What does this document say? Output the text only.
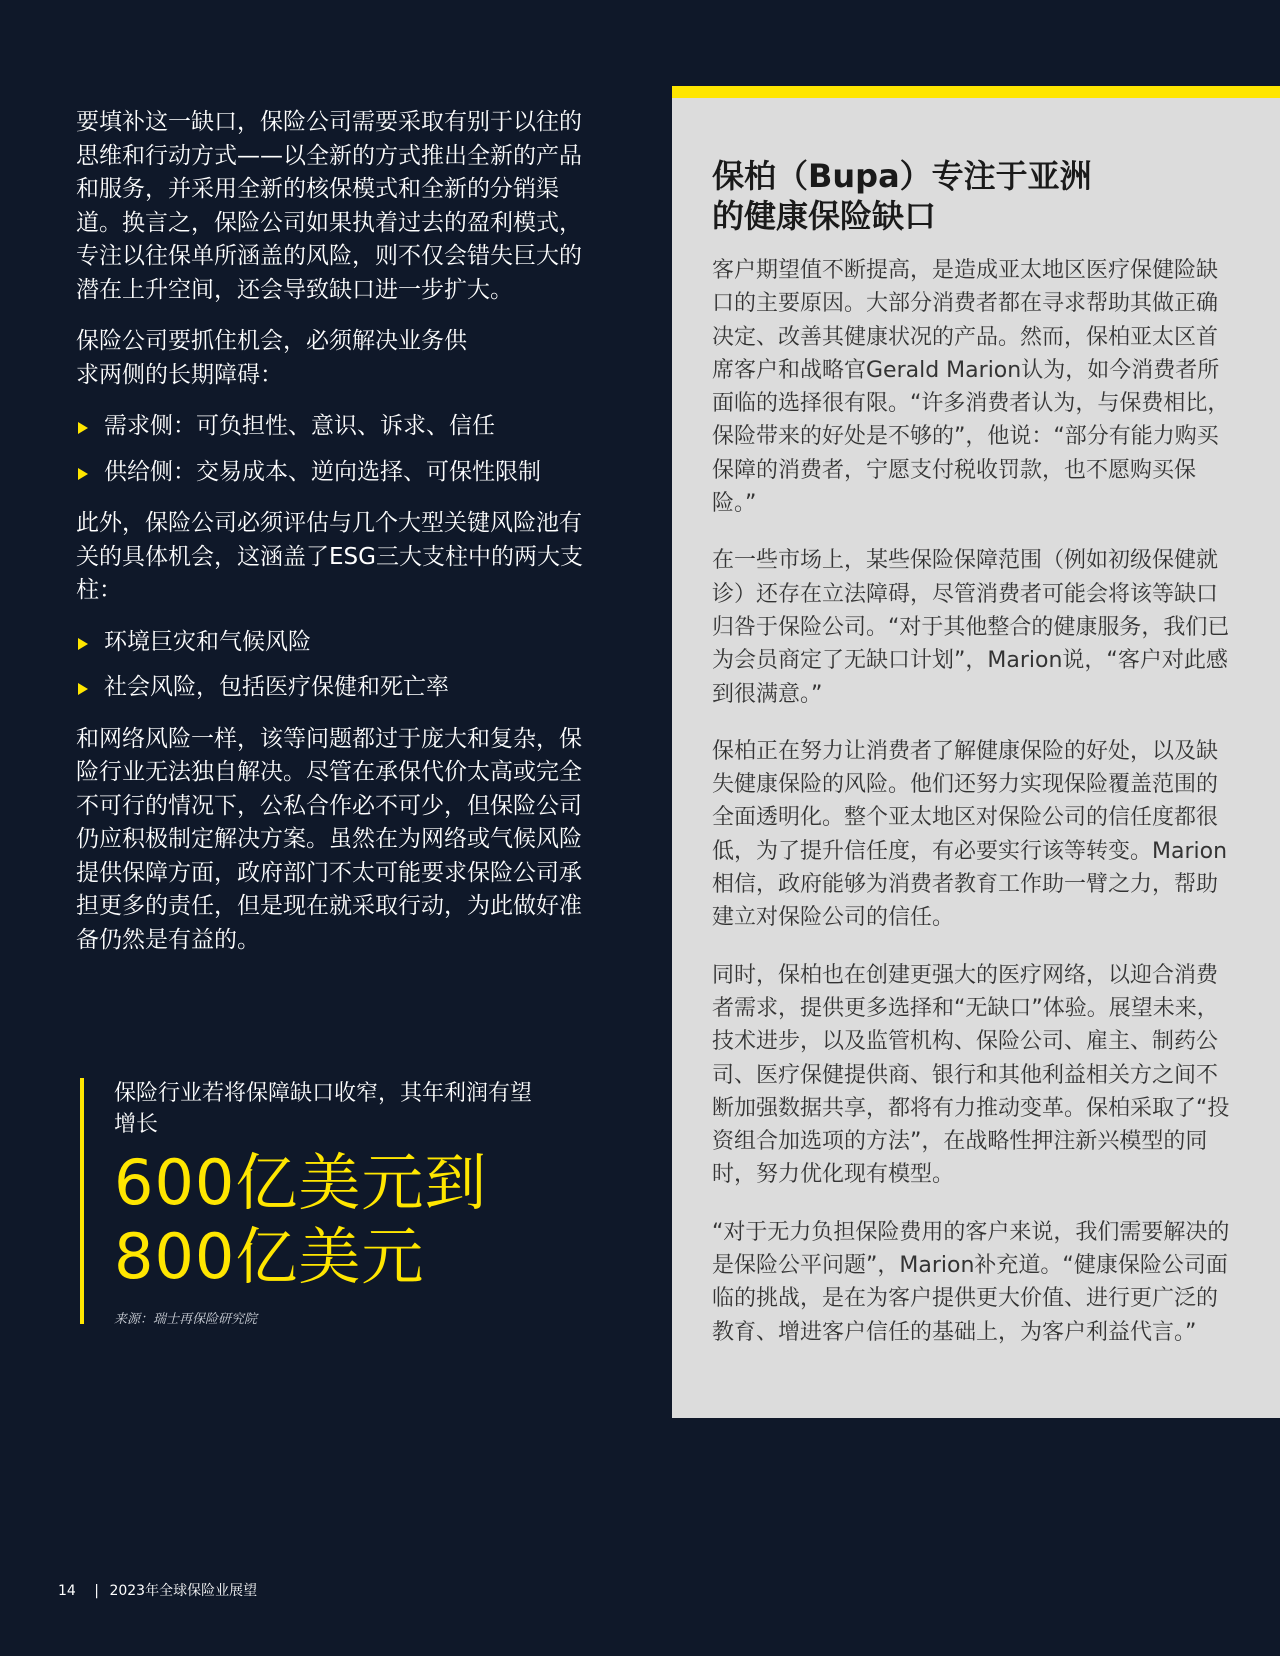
要填补这一缺口，保险公司需要采取有别于以往的思维和行动方式——以全新的方式推出全新的产品和服务，并采用全新的核保模式和全新的分销渠道。换言之，保险公司如果执着过去的盈利模式，专注以往保单所涵盖的风险，则不仅会错失巨大的潜在上升空间，还会导致缺口进一步扩大。

保险公司要抓住机会，必须解决业务供求两侧的长期障碍：

需求侧：可负担性、意识、诉求、信任
供给侧：交易成本、逆向选择、可保性限制

此外，保险公司必须评估与几个大型关键风险池有关的具体机会，这涵盖了ESG三大支柱中的两大支柱：

环境巨灾和气候风险
社会风险，包括医疗保健和死亡率

和网络风险一样，该等问题都过于庞大和复杂，保险行业无法独自解决。尽管在承保代价太高或完全不可行的情况下，公私合作必不可少，但保险公司仍应积极制定解决方案。虽然在为网络或气候风险提供保障方面，政府部门不太可能要求保险公司承担更多的责任，但是现在就采取行动，为此做好准备仍然是有益的。

保险行业若将保障缺口收窄，其年利润有望增长

600亿美元到
800亿美元

来源：瑞士再保险研究院

保柏（Bupa）专注于亚洲
的健康保险缺口

客户期望值不断提高，是造成亚太地区医疗保健险缺口的主要原因。大部分消费者都在寻求帮助其做正确决定、改善其健康状况的产品。然而，保柏亚太区首席客户和战略官Gerald Marion认为，如今消费者所面临的选择很有限。“许多消费者认为，与保费相比，保险带来的好处是不够的”，他说：“部分有能力购买保障的消费者，宁愿支付税收罚款，也不愿购买保险。”

在一些市场上，某些保险保障范围（例如初级保健就诊）还存在立法障碍，尽管消费者可能会将该等缺口归咎于保险公司。“对于其他整合的健康服务，我们已为会员商定了无缺口计划”，Marion说，“客户对此感到很满意。”

保柏正在努力让消费者了解健康保险的好处，以及缺失健康保险的风险。他们还努力实现保险覆盖范围的全面透明化。整个亚太地区对保险公司的信任度都很低，为了提升信任度，有必要实行该等转变。Marion相信，政府能够为消费者教育工作助一臂之力，帮助建立对保险公司的信任。

同时，保柏也在创建更强大的医疗网络，以迎合消费者需求，提供更多选择和“无缺口”体验。展望未来，技术进步，以及监管机构、保险公司、雇主、制药公司、医疗保健提供商、银行和其他利益相关方之间不断加强数据共享，都将有力推动变革。保柏采取了“投资组合加选项的方法”，在战略性押注新兴模型的同时，努力优化现有模型。

“对于无力负担保险费用的客户来说，我们需要解决的是保险公平问题”，Marion补充道。“健康保险公司面临的挑战，是在为客户提供更大价值、进行更广泛的教育、增进客户信任的基础上，为客户利益代言。”

14 | 2023年全球保险业展望
